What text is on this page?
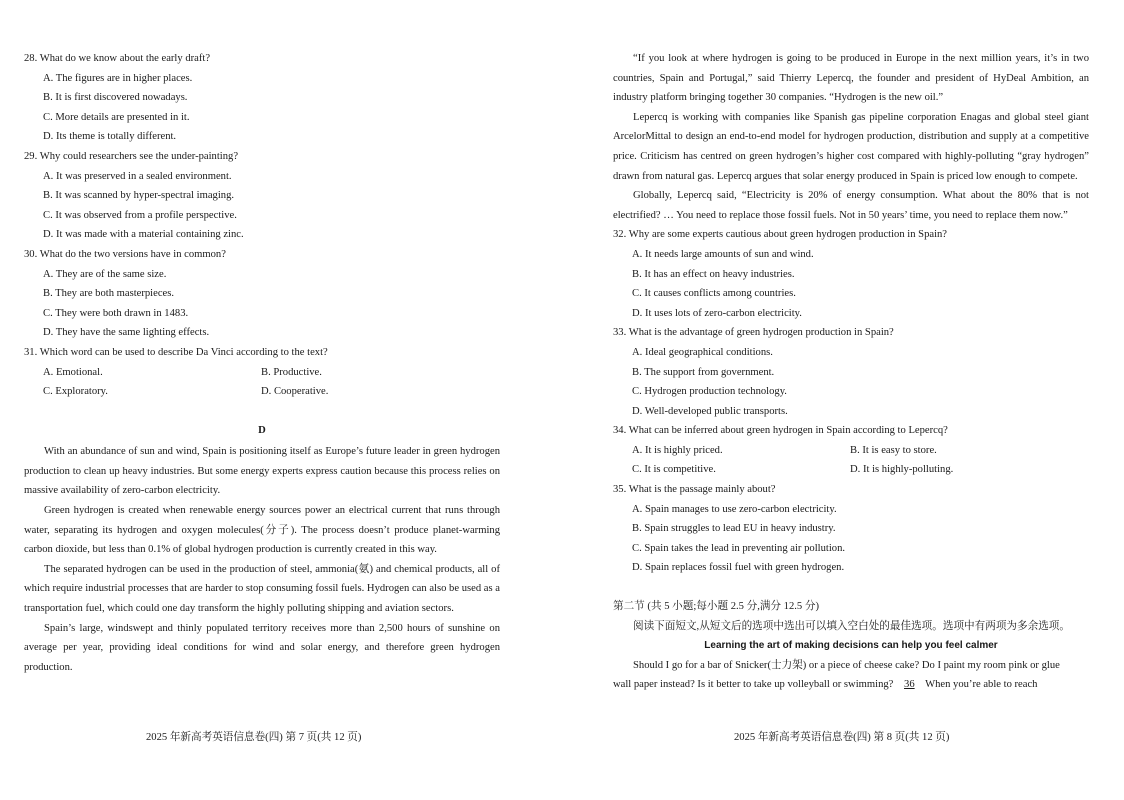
28. What do we know about the early draft?
A. The figures are in higher places.
B. It is first discovered nowadays.
C. More details are presented in it.
D. Its theme is totally different.
29. Why could researchers see the under-painting?
A. It was preserved in a sealed environment.
B. It was scanned by hyper-spectral imaging.
C. It was observed from a profile perspective.
D. It was made with a material containing zinc.
30. What do the two versions have in common?
A. They are of the same size.
B. They are both masterpieces.
C. They were both drawn in 1483.
D. They have the same lighting effects.
31. Which word can be used to describe Da Vinci according to the text?
A. Emotional.	B. Productive.
C. Exploratory.	D. Cooperative.
D

With an abundance of sun and wind, Spain is positioning itself as Europe’s future leader in green hydrogen production to clean up heavy industries. But some energy experts express caution because this process relies on massive availability of zero-carbon electricity.

Green hydrogen is created when renewable energy sources power an electrical current that runs through water, separating its hydrogen and oxygen molecules(分子). The process doesn’t produce planet-warming carbon dioxide, but less than 0.1% of global hydrogen production is currently created in this way.

The separated hydrogen can be used in the production of steel, ammonia(氨) and chemical products, all of which require industrial processes that are harder to stop consuming fossil fuels. Hydrogen can also be used as a transportation fuel, which could one day transform the highly polluting shipping and aviation sectors.

Spain’s large, windswept and thinly populated territory receives more than 2,500 hours of sunshine on average per year, providing ideal conditions for wind and solar energy, and therefore green hydrogen production.

“If you look at where hydrogen is going to be produced in Europe in the next million years, it’s in two countries, Spain and Portugal,” said Thierry Lepercq, the founder and president of HyDeal Ambition, an industry platform bringing together 30 companies. “Hydrogen is the new oil.”

Lepercq is working with companies like Spanish gas pipeline corporation Enagas and global steel giant ArcelorMittal to design an end-to-end model for hydrogen production, distribution and supply at a competitive price. Criticism has centred on green hydrogen’s higher cost compared with highly-polluting “gray hydrogen” drawn from natural gas. Lepercq argues that solar energy produced in Spain is priced low enough to compete.

Globally, Lepercq said, “Electricity is 20% of energy consumption. What about the 80% that is not electrified? … You need to replace those fossil fuels. Not in 50 years’ time, you need to replace them now.”

32. Why are some experts cautious about green hydrogen production in Spain?
A. It needs large amounts of sun and wind.
B. It has an effect on heavy industries.
C. It causes conflicts among countries.
D. It uses lots of zero-carbon electricity.
33. What is the advantage of green hydrogen production in Spain?
A. Ideal geographical conditions.
B. The support from government.
C. Hydrogen production technology.
D. Well-developed public transports.
34. What can be inferred about green hydrogen in Spain according to Lepercq?
A. It is highly priced.	B. It is easy to store.
C. It is competitive.	D. It is highly-polluting.
35. What is the passage mainly about?
A. Spain manages to use zero-carbon electricity.
B. Spain struggles to lead EU in heavy industry.
C. Spain takes the lead in preventing air pollution.
D. Spain replaces fossil fuel with green hydrogen.
第二节 (共 5 小题;每小题 2.5 分,满分 12.5 分)
阅读下面短文,从短文后的选项中选出可以填入空白处的最佳选项。选项中有两项为多余选项。
Learning the art of making decisions can help you feel calmer
Should I go for a bar of Snicker(士力架) or a piece of cheese cake? Do I paint my room pink or glue
wall paper instead? Is it better to take up volleyball or swimming? 36 When you’re able to reach
2025 年新高考英语信息卷(四) 第 7 页(共 12 页)	2025 年新高考英语信息卷(四) 第 8 页(共 12 页)
